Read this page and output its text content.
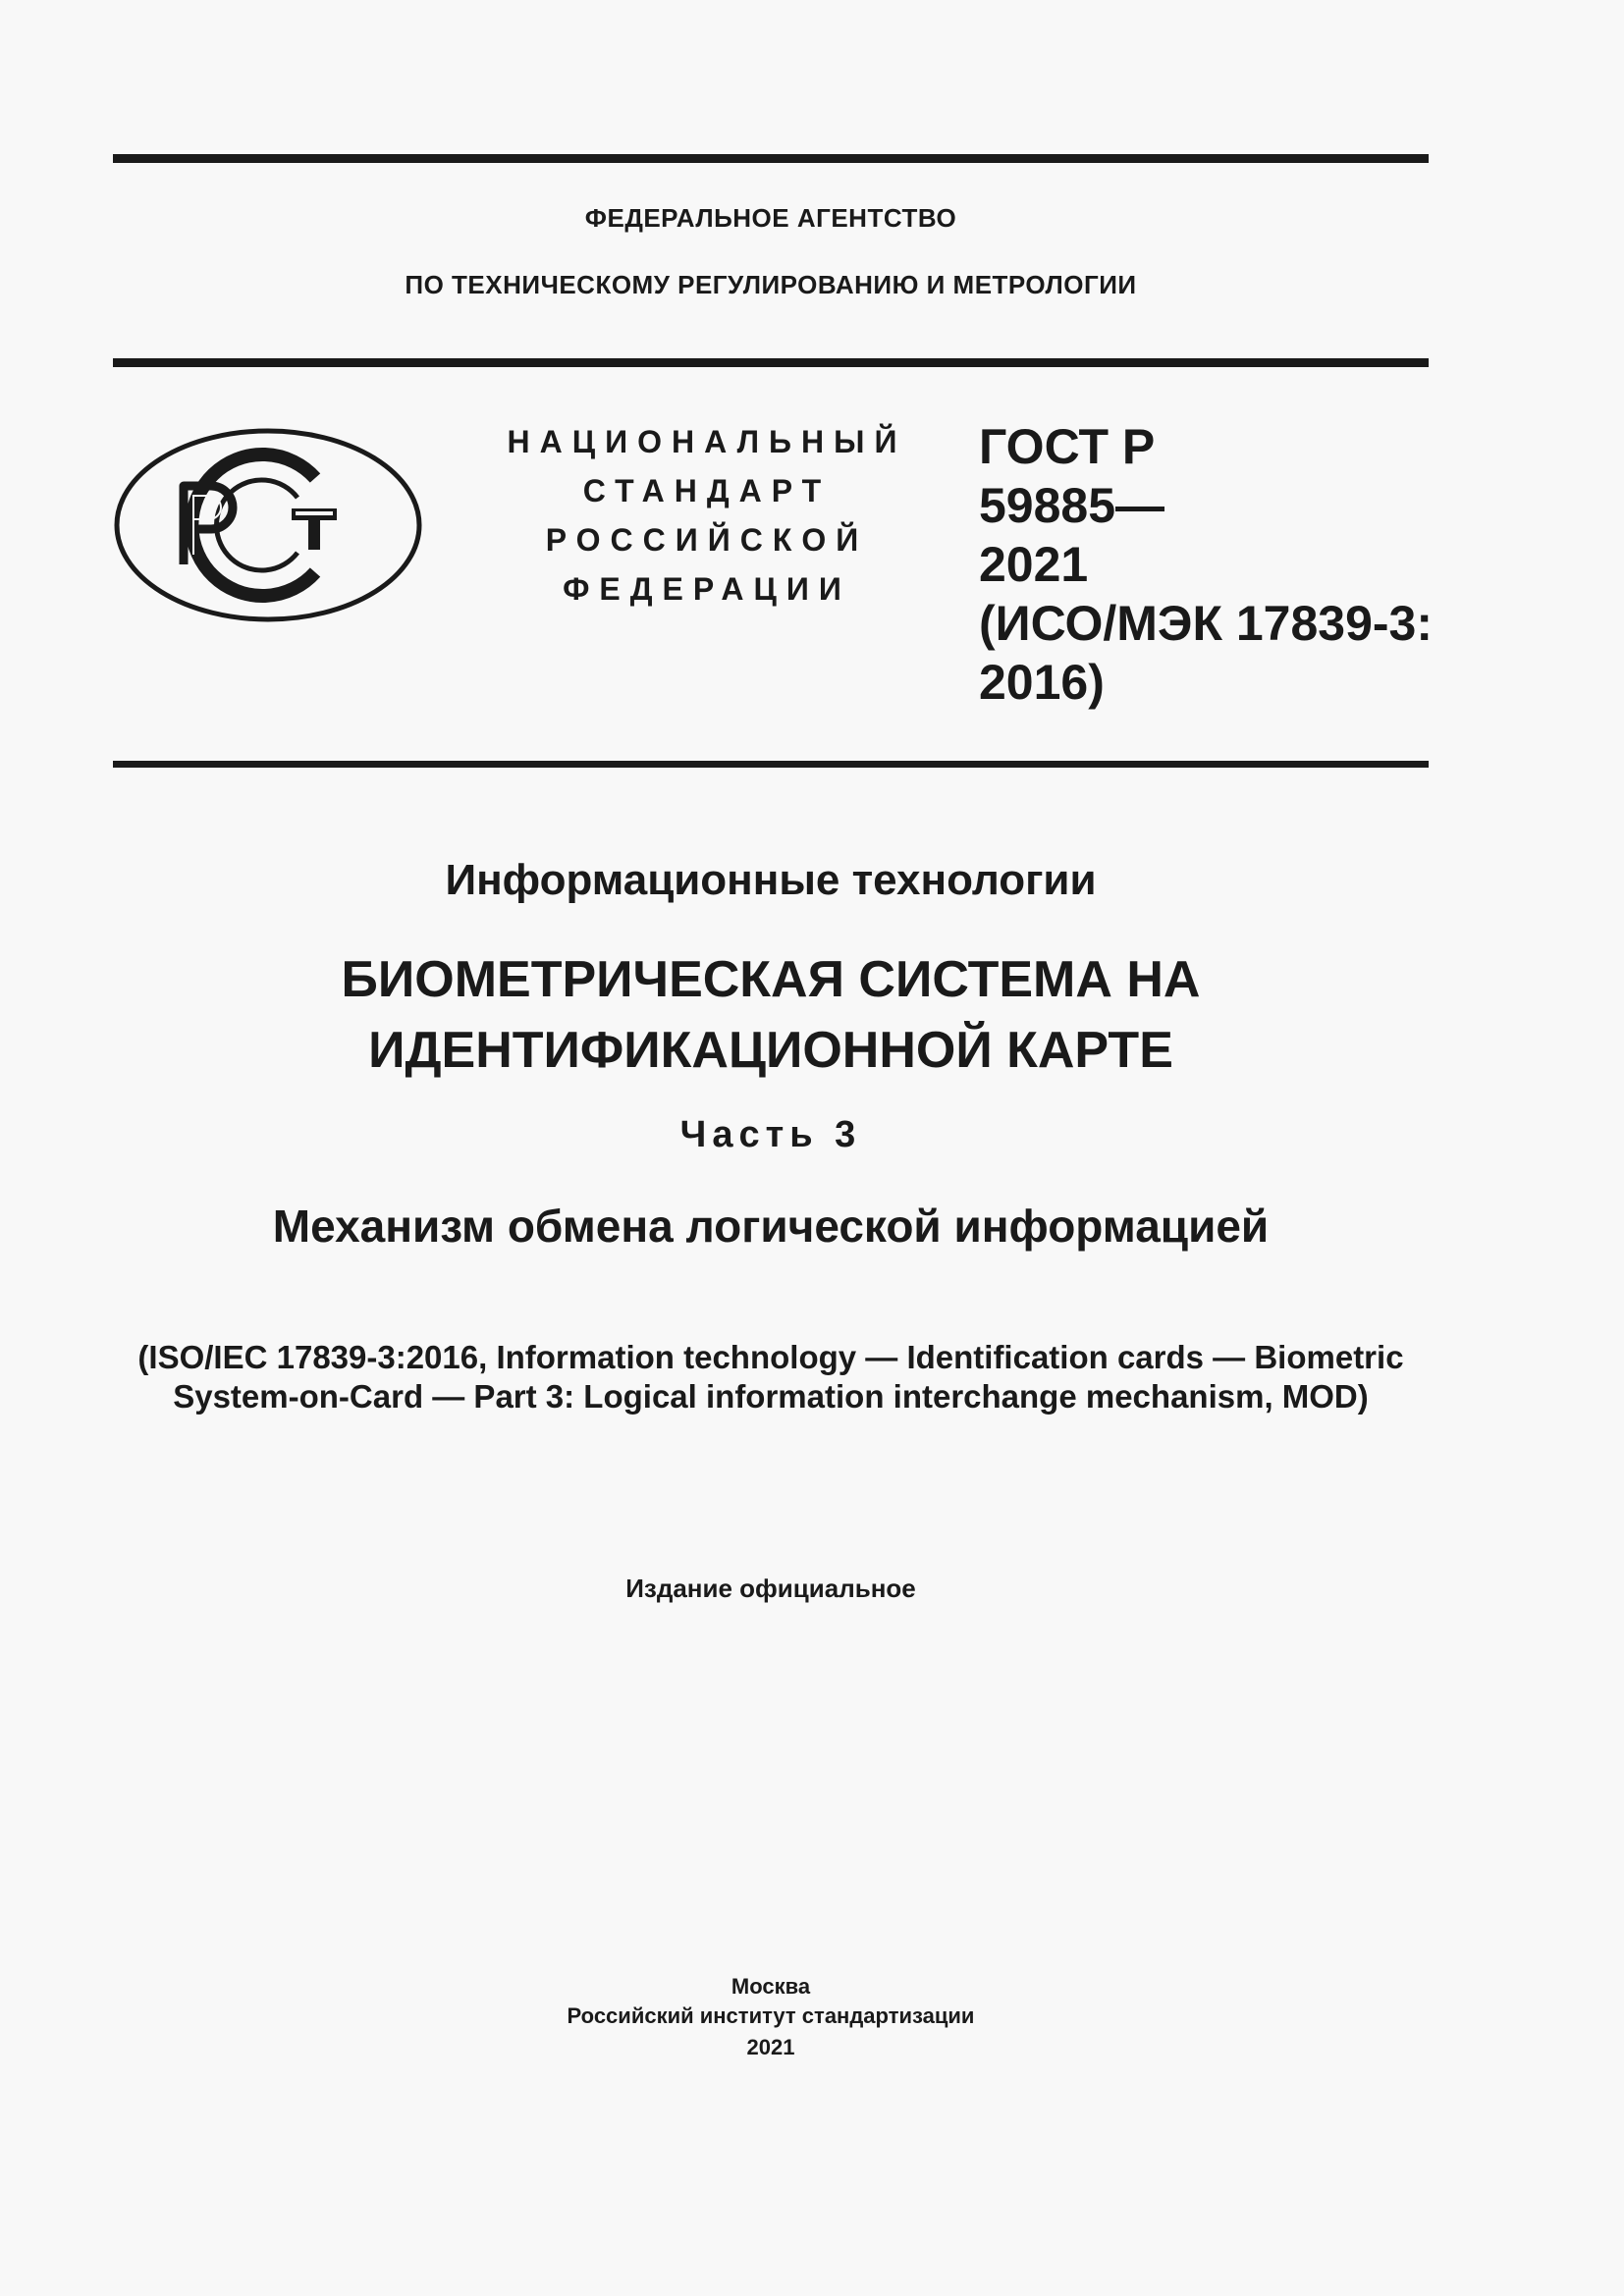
ФЕДЕРАЛЬНОЕ АГЕНТСТВО
ПО ТЕХНИЧЕСКОМУ РЕГУЛИРОВАНИЮ И МЕТРОЛОГИИ
НАЦИОНАЛЬНЫЙ
СТАНДАРТ
РОССИЙСКОЙ
ФЕДЕРАЦИИ
ГОСТ Р
59885—
2021
(ИСО/МЭК 17839-3:
2016)
Информационные технологии
БИОМЕТРИЧЕСКАЯ СИСТЕМА НА
ИДЕНТИФИКАЦИОННОЙ КАРТЕ
Часть 3
Механизм обмена логической информацией
(ISO/IEC 17839-3:2016, Information technology — Identification cards — Biometric
System-on-Card — Part 3: Logical information interchange mechanism, MOD)
Издание официальное
Москва
Российский институт стандартизации
2021
